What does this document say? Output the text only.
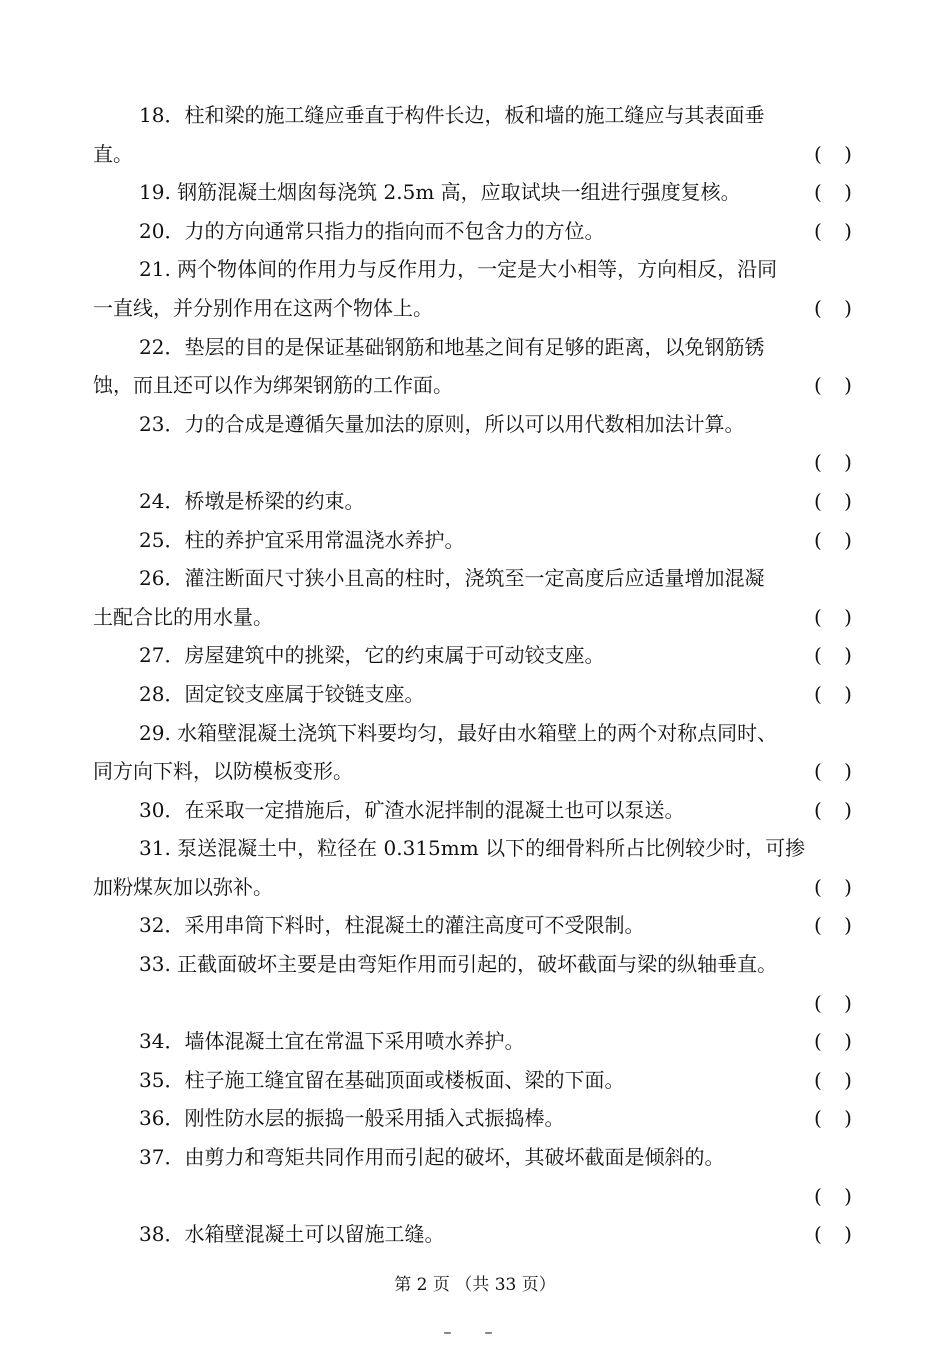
18．柱和梁的施工缝应垂直于构件长边，板和墙的施工缝应与其表面垂
直。	( )
19. 钢筋混凝土烟囱每浇筑 2.5m 高，应取试块一组进行强度复核。	( )
20．力的方向通常只指力的指向而不包含力的方位。	( )
21. 两个物体间的作用力与反作用力，一定是大小相等，方向相反，沿同
一直线，并分别作用在这两个物体上。	( )
22．垫层的目的是保证基础钢筋和地基之间有足够的距离，以免钢筋锈
蚀，而且还可以作为绑架钢筋的工作面。	( )
23．力的合成是遵循矢量加法的原则，所以可以用代数相加法计算。
( )
24．桥墩是桥梁的约束。	( )
25．柱的养护宜采用常温浇水养护。	( )
26．灌注断面尺寸狭小且高的柱时，浇筑至一定高度后应适量增加混凝
土配合比的用水量。	( )
27．房屋建筑中的挑梁，它的约束属于可动铰支座。	( )
28．固定铰支座属于铰链支座。	( )
29. 水箱壁混凝土浇筑下料要均匀，最好由水箱壁上的两个对称点同时、
同方向下料，以防模板变形。	( )
30．在采取一定措施后，矿渣水泥拌制的混凝土也可以泵送。	( )
31. 泵送混凝土中，粒径在 0.315mm 以下的细骨料所占比例较少时，可掺
加粉煤灰加以弥补。	( )
32．采用串筒下料时，柱混凝土的灌注高度可不受限制。	( )
33. 正截面破坏主要是由弯矩作用而引起的，破坏截面与梁的纵轴垂直。
( )
34．墙体混凝土宜在常温下采用喷水养护。	( )
35．柱子施工缝宜留在基础顶面或楼板面、梁的下面。	( )
36．刚性防水层的振捣一般采用插入式振捣棒。	( )
37．由剪力和弯矩共同作用而引起的破坏，其破坏截面是倾斜的。
( )
38．水箱壁混凝土可以留施工缝。	( )
第 2 页 （共 33 页）
– –
